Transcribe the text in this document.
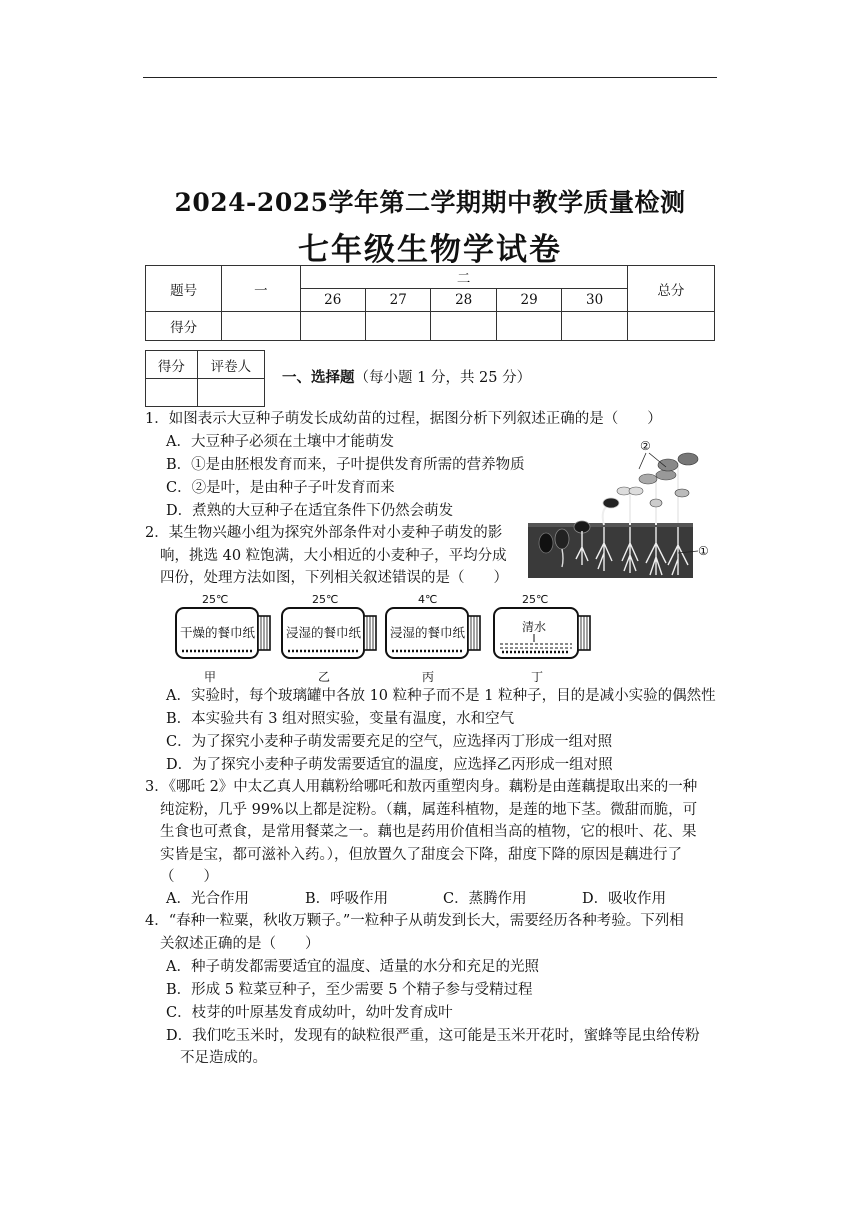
2024-2025学年第二学期期中教学质量检测
七年级生物学试卷
题号	一	二					总分
		26	27	28	29	30	
得分							
得分	评卷人

一、选择题（每小题 1 分，共 25 分）
1．如图表示大豆种子萌发长成幼苗的过程，据图分析下列叙述正确的是（　　）
A．大豆种子必须在土壤中才能萌发
B．①是由胚根发育而来，子叶提供发育所需的营养物质
C．②是叶，是由种子子叶发育而来
D．煮熟的大豆种子在适宜条件下仍然会萌发
②
①
2．某生物兴趣小组为探究外部条件对小麦种子萌发的影
响，挑选 40 粒饱满，大小相近的小麦种子，平均分成
四份，处理方法如图，下列相关叙述错误的是（　　）
25℃
干燥的餐巾纸
甲
25℃
浸湿的餐巾纸
乙
4℃
浸湿的餐巾纸
丙
25℃
清水
丁
A．实验时，每个玻璃罐中各放 10 粒种子而不是 1 粒种子，目的是减小实验的偶然性
B．本实验共有 3 组对照实验，变量有温度，水和空气
C．为了探究小麦种子萌发需要充足的空气，应选择丙丁形成一组对照
D．为了探究小麦种子萌发需要适宜的温度，应选择乙丙形成一组对照
3．《哪吒 2》中太乙真人用藕粉给哪吒和敖丙重塑肉身。藕粉是由莲藕提取出来的一种
纯淀粉，几乎 99%以上都是淀粉。（藕，属莲科植物，是莲的地下茎。微甜而脆，可
生食也可煮食，是常用餐菜之一。藕也是药用价值相当高的植物，它的根叶、花、果
实皆是宝，都可滋补入药。），但放置久了甜度会下降，甜度下降的原因是藕进行了
（　　）
A．光合作用	B．呼吸作用	C．蒸腾作用	D．吸收作用
4．“春种一粒粟，秋收万颗子。”一粒种子从萌发到长大，需要经历各种考验。下列相
关叙述正确的是（　　）
A．种子萌发都需要适宜的温度、适量的水分和充足的光照
B．形成 5 粒菜豆种子，至少需要 5 个精子参与受精过程
C．枝芽的叶原基发育成幼叶，幼叶发育成叶
D．我们吃玉米时，发现有的缺粒很严重，这可能是玉米开花时，蜜蜂等昆虫给传粉
不足造成的。
